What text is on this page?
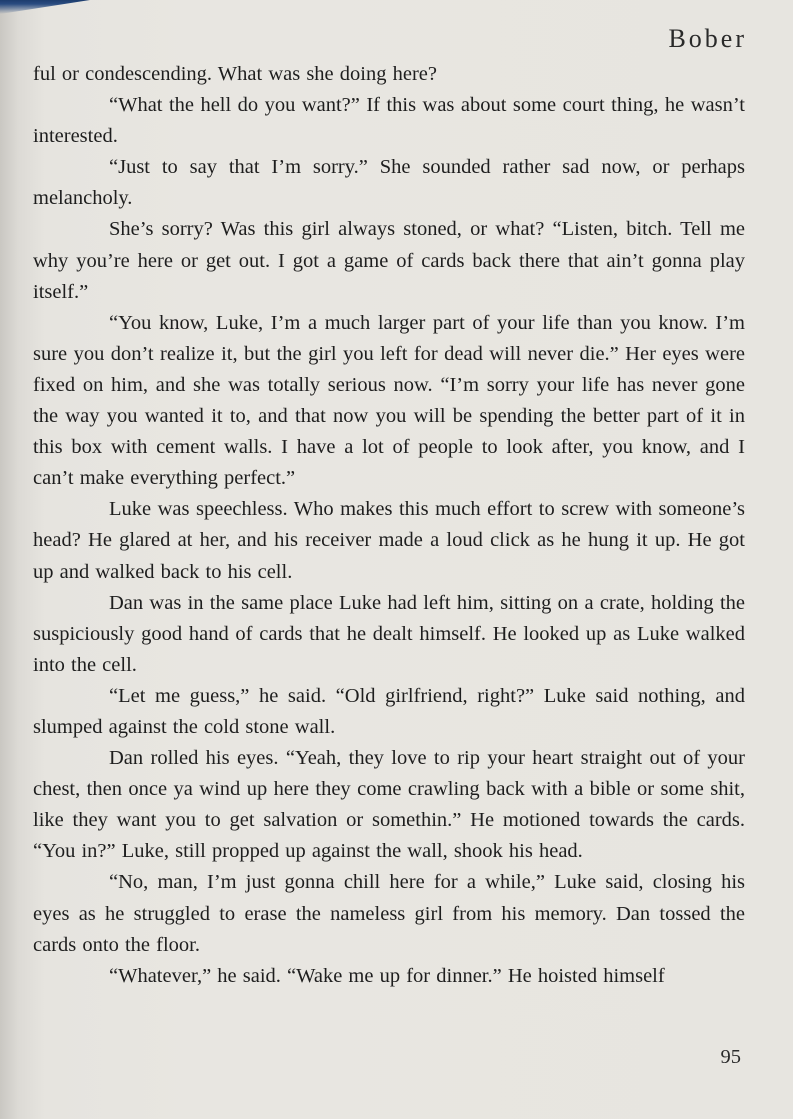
Bober

ful or condescending. What was she doing here?

“What the hell do you want?” If this was about some court thing, he wasn’t interested.

“Just to say that I’m sorry.” She sounded rather sad now, or perhaps melancholy.

She’s sorry? Was this girl always stoned, or what? “Listen, bitch. Tell me why you’re here or get out. I got a game of cards back there that ain’t gonna play itself.”

“You know, Luke, I’m a much larger part of your life than you know. I’m sure you don’t realize it, but the girl you left for dead will never die.” Her eyes were fixed on him, and she was totally serious now. “I’m sorry your life has never gone the way you wanted it to, and that now you will be spending the better part of it in this box with cement walls. I have a lot of people to look after, you know, and I can’t make everything perfect.”

Luke was speechless. Who makes this much effort to screw with someone’s head? He glared at her, and his receiver made a loud click as he hung it up. He got up and walked back to his cell.

Dan was in the same place Luke had left him, sitting on a crate, holding the suspiciously good hand of cards that he dealt himself. He looked up as Luke walked into the cell.

“Let me guess,” he said. “Old girlfriend, right?” Luke said nothing, and slumped against the cold stone wall.

Dan rolled his eyes. “Yeah, they love to rip your heart straight out of your chest, then once ya wind up here they come crawling back with a bible or some shit, like they want you to get salvation or somethin.” He motioned towards the cards. “You in?” Luke, still propped up against the wall, shook his head.

“No, man, I’m just gonna chill here for a while,” Luke said, closing his eyes as he struggled to erase the nameless girl from his memory. Dan tossed the cards onto the floor.

“Whatever,” he said. “Wake me up for dinner.” He hoisted himself

95
